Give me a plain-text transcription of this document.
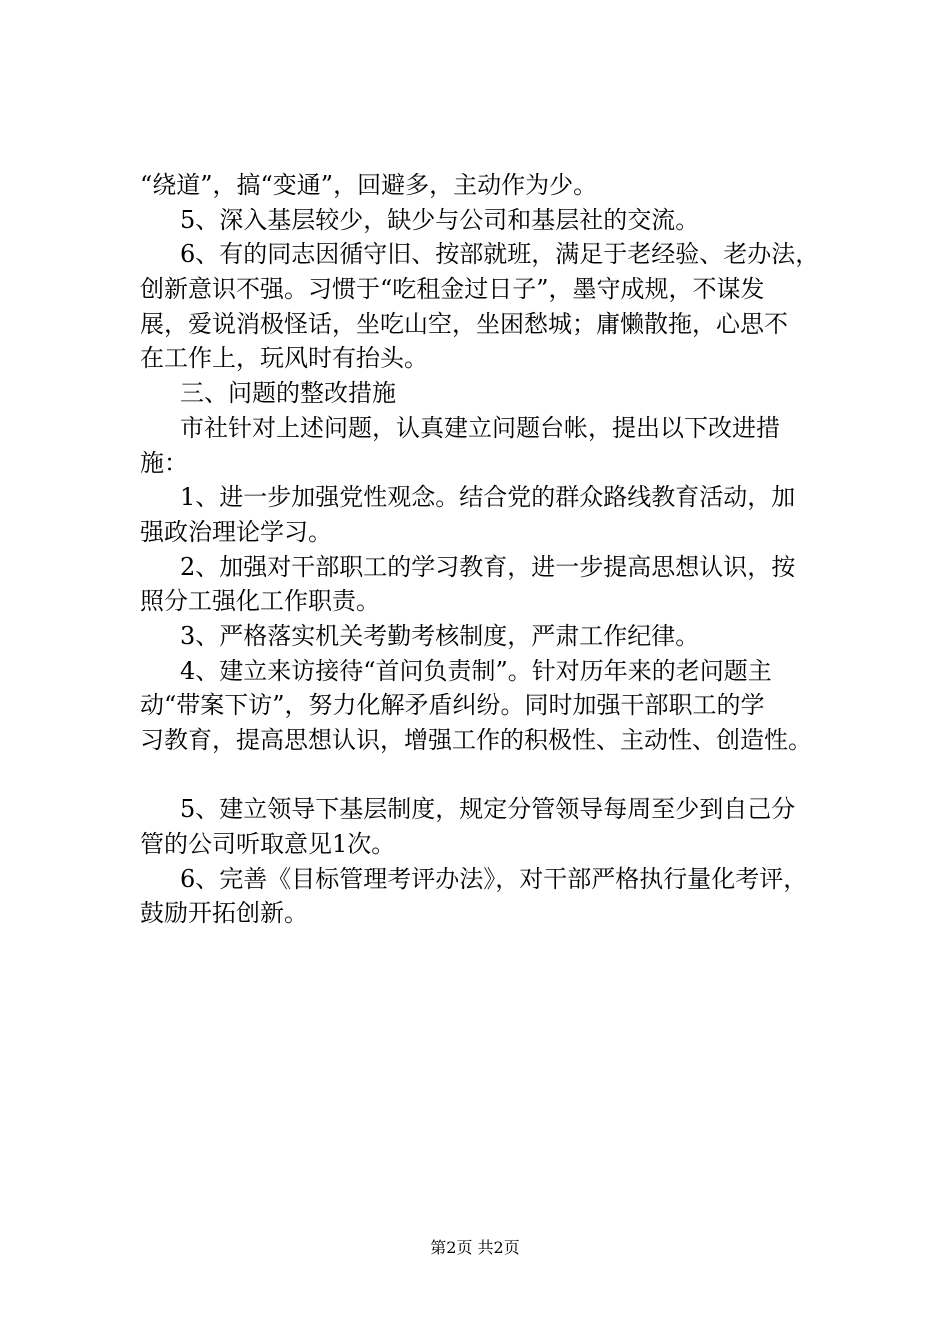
“绕道”，搞“变通”，回避多，主动作为少。
5、深入基层较少，缺少与公司和基层社的交流。
6、有的同志因循守旧、按部就班，满足于老经验、老办法，
创新意识不强。习惯于“吃租金过日子”，墨守成规，不谋发
展，爱说消极怪话，坐吃山空，坐困愁城；庸懒散拖，心思不
在工作上，玩风时有抬头。
三、问题的整改措施
市社针对上述问题，认真建立问题台帐，提出以下改进措
施：
1、进一步加强党性观念。结合党的群众路线教育活动，加
强政治理论学习。
2、加强对干部职工的学习教育，进一步提高思想认识，按
照分工强化工作职责。
3、严格落实机关考勤考核制度，严肃工作纪律。
4、建立来访接待“首问负责制”。针对历年来的老问题主
动“带案下访”，努力化解矛盾纠纷。同时加强干部职工的学
习教育，提高思想认识，增强工作的积极性、主动性、创造性。
5、建立领导下基层制度，规定分管领导每周至少到自己分
管的公司听取意见1次。
6、完善《目标管理考评办法》，对干部严格执行量化考评，
鼓励开拓创新。
第2页 共2页
